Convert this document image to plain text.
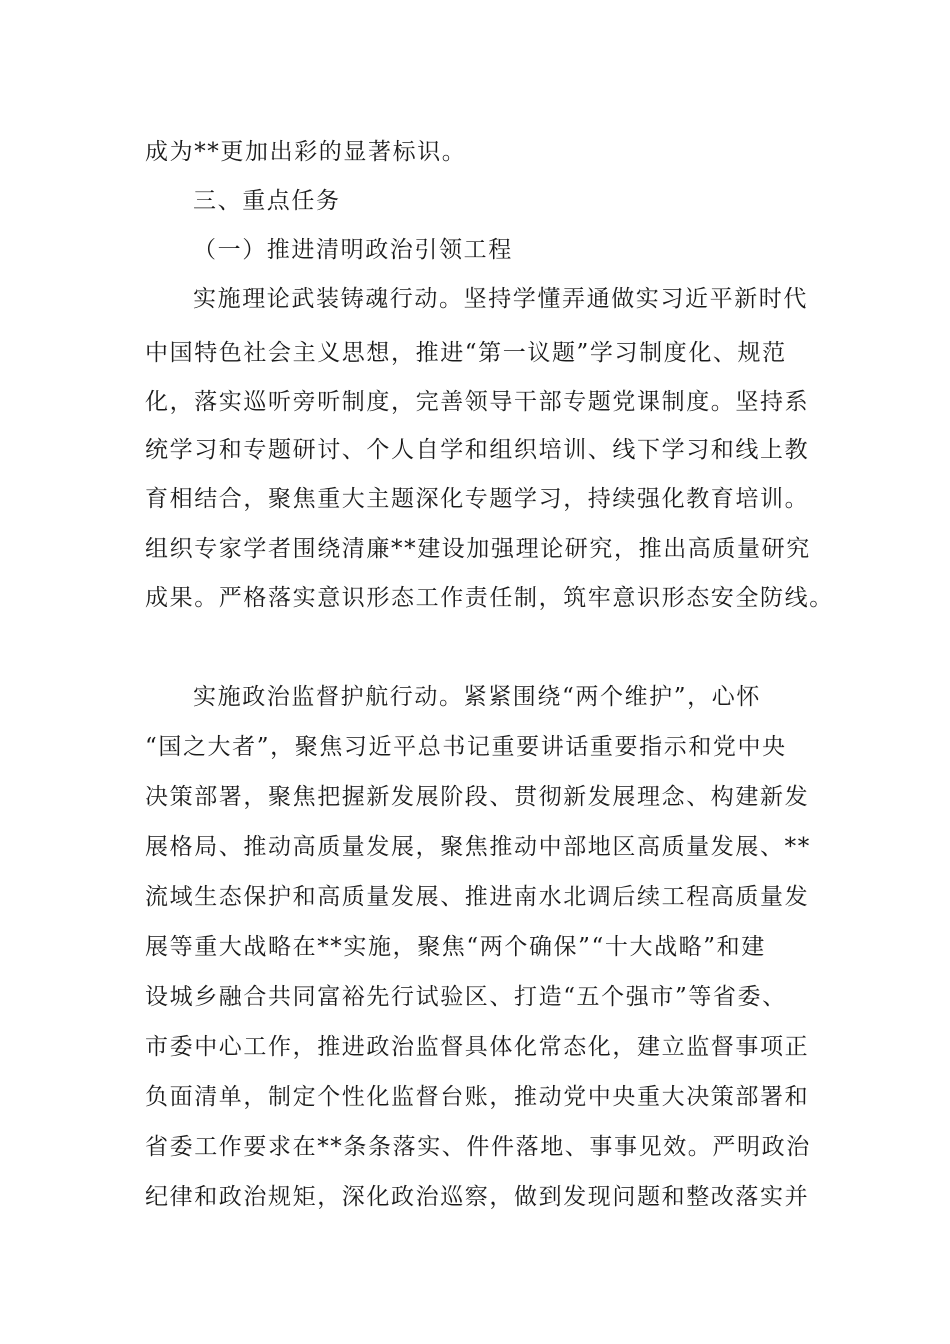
成为**更加出彩的显著标识。
三、重点任务
（一）推进清明政治引领工程
实施理论武装铸魂行动。坚持学懂弄通做实习近平新时代
中国特色社会主义思想，推进“第一议题”学习制度化、规范
化，落实巡听旁听制度，完善领导干部专题党课制度。坚持系
统学习和专题研讨、个人自学和组织培训、线下学习和线上教
育相结合，聚焦重大主题深化专题学习，持续强化教育培训。
组织专家学者围绕清廉**建设加强理论研究，推出高质量研究
成果。严格落实意识形态工作责任制，筑牢意识形态安全防线。
实施政治监督护航行动。紧紧围绕“两个维护”，心怀
“国之大者”，聚焦习近平总书记重要讲话重要指示和党中央
决策部署，聚焦把握新发展阶段、贯彻新发展理念、构建新发
展格局、推动高质量发展，聚焦推动中部地区高质量发展、**
流域生态保护和高质量发展、推进南水北调后续工程高质量发
展等重大战略在**实施，聚焦“两个确保”“十大战略”和建
设城乡融合共同富裕先行试验区、打造“五个强市”等省委、
市委中心工作，推进政治监督具体化常态化，建立监督事项正
负面清单，制定个性化监督台账，推动党中央重大决策部署和
省委工作要求在**条条落实、件件落地、事事见效。严明政治
纪律和政治规矩，深化政治巡察，做到发现问题和整改落实并
